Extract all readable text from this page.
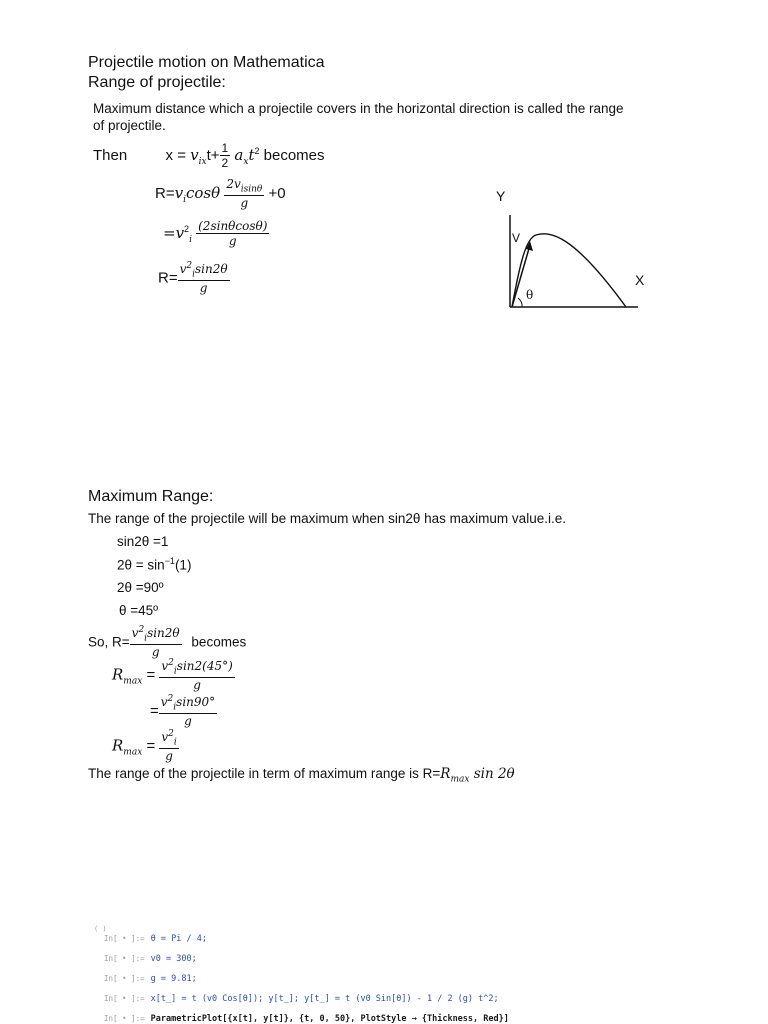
Projectile motion on Mathematica
Range of projectile:
Maximum distance which a projectile covers in the horizontal direction is called the range
of projectile.
Then	$x = v_{ix}t+ \frac{1}{2} a_xt^2$ becomes
$R=v_i\cos\theta \frac{2v_{isin\theta}}{g} +0$
$=v^2_i \frac{(2\sin\theta\cos\theta)}{g}$
$R= \frac{v^2_i\sin 2\theta}{g}$
Y
X
V
θ
Maximum Range:
The range of the projectile will be maximum when sin2θ has maximum value.i.e.
sin2θ =1
$2\theta = \sin^{-1}(1)$
2θ =90º
θ =45º
So, $R= \frac{v^2_i\sin 2\theta}{g}$ becomes
$R_{max} = \frac{v^2_i\sin 2(45^\circ)}{g}$
= $\frac{v^2_i\sin 90^\circ}{g}$
$R_{max} = \frac{v^2_i}{g}$
The range of the projectile in term of maximum range is $R=R_{max}$ sin 2θ
( )
In[ • ]:= θ = Pi / 4;
In[ • ]:= v0 = 300;
In[ • ]:= g = 9.81;
In[ • ]:= x[t_] = t (v0 Cos[θ]); y[t_]; y[t_] = t (v0 Sin[θ]) - 1 / 2 (g) t^2;
In[ • ]:= ParametricPlot[{x[t], y[t]}, {t, 0, 50}, PlotStyle → {Thickness, Red}]
